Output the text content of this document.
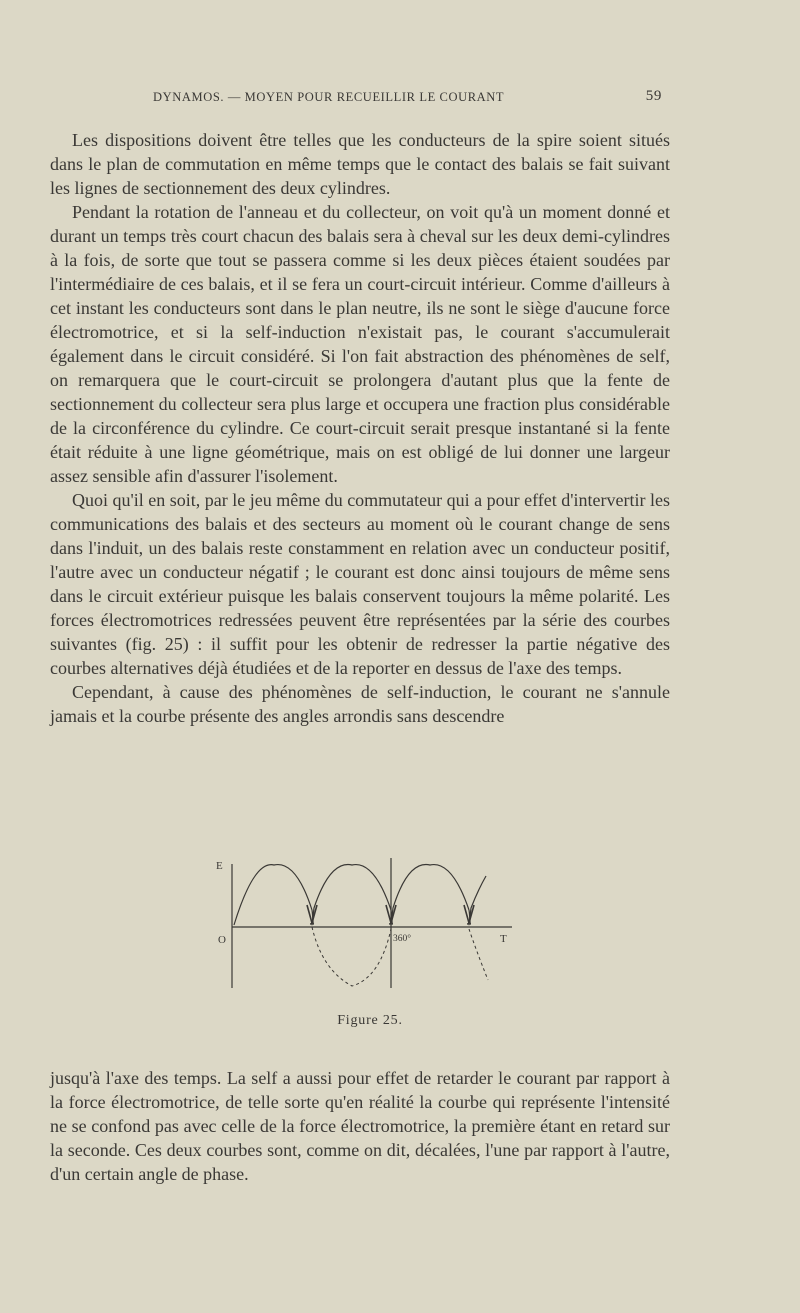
DYNAMOS. — MOYEN POUR RECUEILLIR LE COURANT	59

Les dispositions doivent être telles que les conducteurs de la spire soient situés dans le plan de commutation en même temps que le contact des balais se fait suivant les lignes de sectionnement des deux cylindres.

Pendant la rotation de l'anneau et du collecteur, on voit qu'à un moment donné et durant un temps très court chacun des balais sera à cheval sur les deux demi-cylindres à la fois, de sorte que tout se passera comme si les deux pièces étaient soudées par l'intermédiaire de ces balais, et il se fera un court-circuit intérieur. Comme d'ailleurs à cet instant les conducteurs sont dans le plan neutre, ils ne sont le siège d'aucune force électromotrice, et si la self-induction n'existait pas, le courant s'accumulerait également dans le circuit considéré. Si l'on fait abstraction des phénomènes de self, on remarquera que le court-circuit se prolongera d'autant plus que la fente de sectionnement du collecteur sera plus large et occupera une fraction plus considérable de la circonférence du cylindre. Ce court-circuit serait presque instantané si la fente était réduite à une ligne géométrique, mais on est obligé de lui donner une largeur assez sensible afin d'assurer l'isolement.

Quoi qu'il en soit, par le jeu même du commutateur qui a pour effet d'intervertir les communications des balais et des secteurs au moment où le courant change de sens dans l'induit, un des balais reste constamment en relation avec un conducteur positif, l'autre avec un conducteur négatif ; le courant est donc ainsi toujours de même sens dans le circuit extérieur puisque les balais conservent toujours la même polarité. Les forces électromotrices redressées peuvent être représentées par la série des courbes suivantes (fig. 25) : il suffit pour les obtenir de redresser la partie négative des courbes alternatives déjà étudiées et de la reporter en dessus de l'axe des temps.

Cependant, à cause des phénomènes de self-induction, le courant ne s'annule jamais et la courbe présente des angles arrondis sans descendre

E
O	360°	T
Figure 25.

jusqu'à l'axe des temps. La self a aussi pour effet de retarder le courant par rapport à la force électromotrice, de telle sorte qu'en réalité la courbe qui représente l'intensité ne se confond pas avec celle de la force électromotrice, la première étant en retard sur la seconde. Ces deux courbes sont, comme on dit, décalées, l'une par rapport à l'autre, d'un certain angle de phase.
